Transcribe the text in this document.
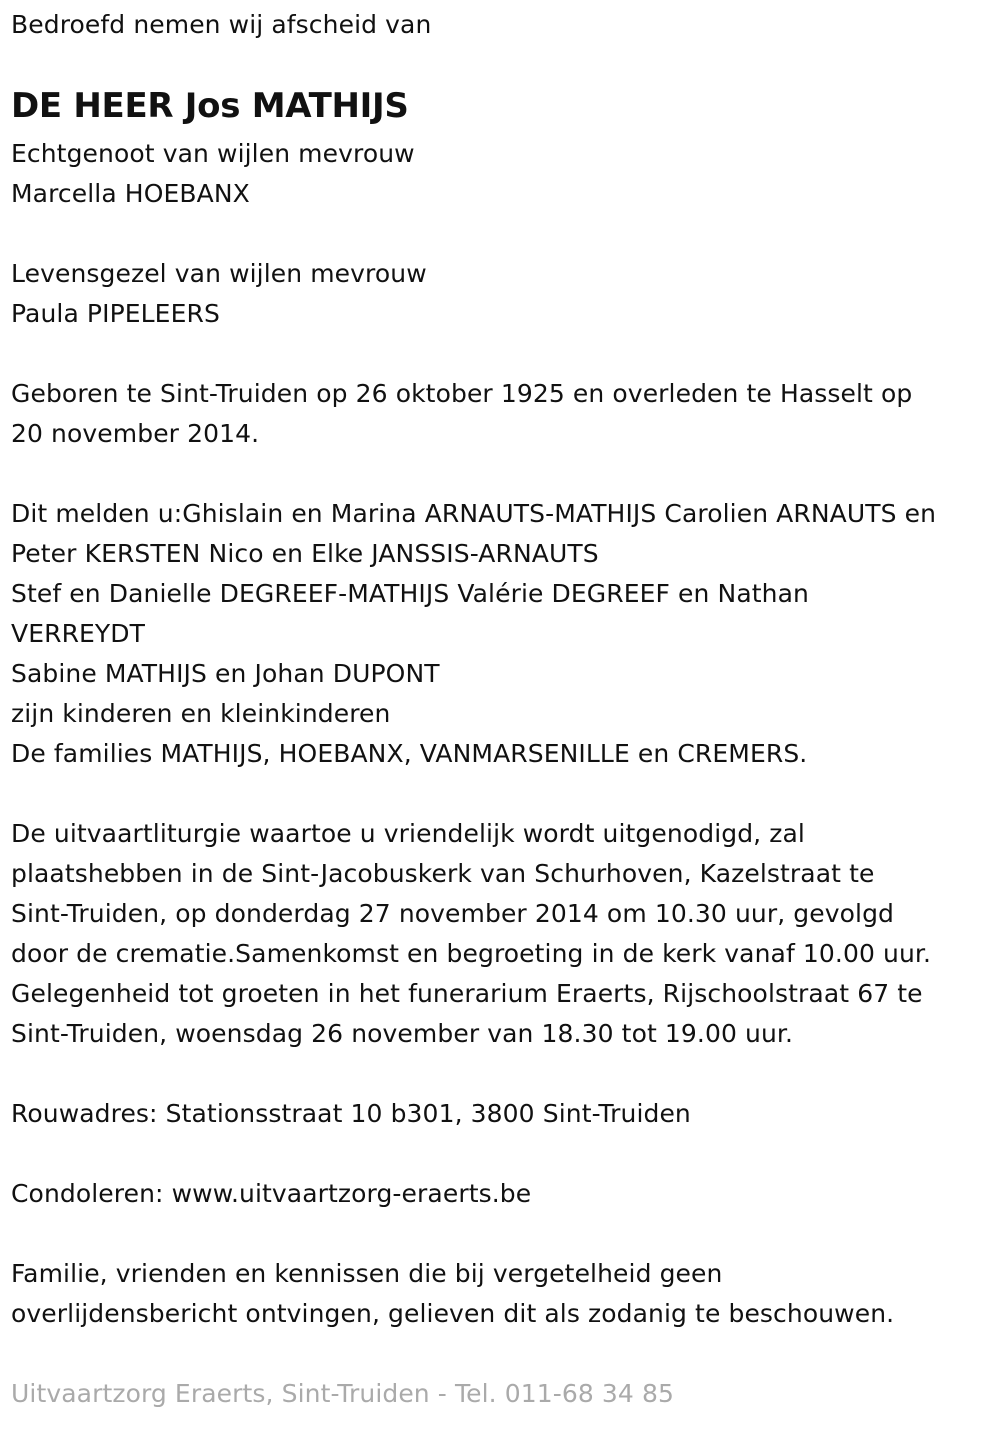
Bedroefd nemen wij afscheid van
DE HEER Jos MATHIJS
Echtgenoot van wijlen mevrouw
Marcella HOEBANX
Levensgezel van wijlen mevrouw
Paula PIPELEERS
Geboren te Sint-Truiden op 26 oktober 1925 en overleden te Hasselt op
20 november 2014.
Dit melden u:Ghislain en Marina ARNAUTS-MATHIJS Carolien ARNAUTS en
Peter KERSTEN Nico en Elke JANSSIS-ARNAUTS
Stef en Danielle DEGREEF-MATHIJS Valérie DEGREEF en Nathan
VERREYDT
Sabine MATHIJS en Johan DUPONT
zijn kinderen en kleinkinderen
De families MATHIJS, HOEBANX, VANMARSENILLE en CREMERS.
De uitvaartliturgie waartoe u vriendelijk wordt uitgenodigd, zal
plaatshebben in de Sint-Jacobuskerk van Schurhoven, Kazelstraat te
Sint-Truiden, op donderdag 27 november 2014 om 10.30 uur, gevolgd
door de crematie.Samenkomst en begroeting in de kerk vanaf 10.00 uur.
Gelegenheid tot groeten in het funerarium Eraerts, Rijschoolstraat 67 te
Sint-Truiden, woensdag 26 november van 18.30 tot 19.00 uur.
Rouwadres: Stationsstraat 10 b301, 3800 Sint-Truiden
Condoleren: www.uitvaartzorg-eraerts.be
Familie, vrienden en kennissen die bij vergetelheid geen
overlijdensbericht ontvingen, gelieven dit als zodanig te beschouwen.
Uitvaartzorg Eraerts, Sint-Truiden - Tel. 011-68 34 85
